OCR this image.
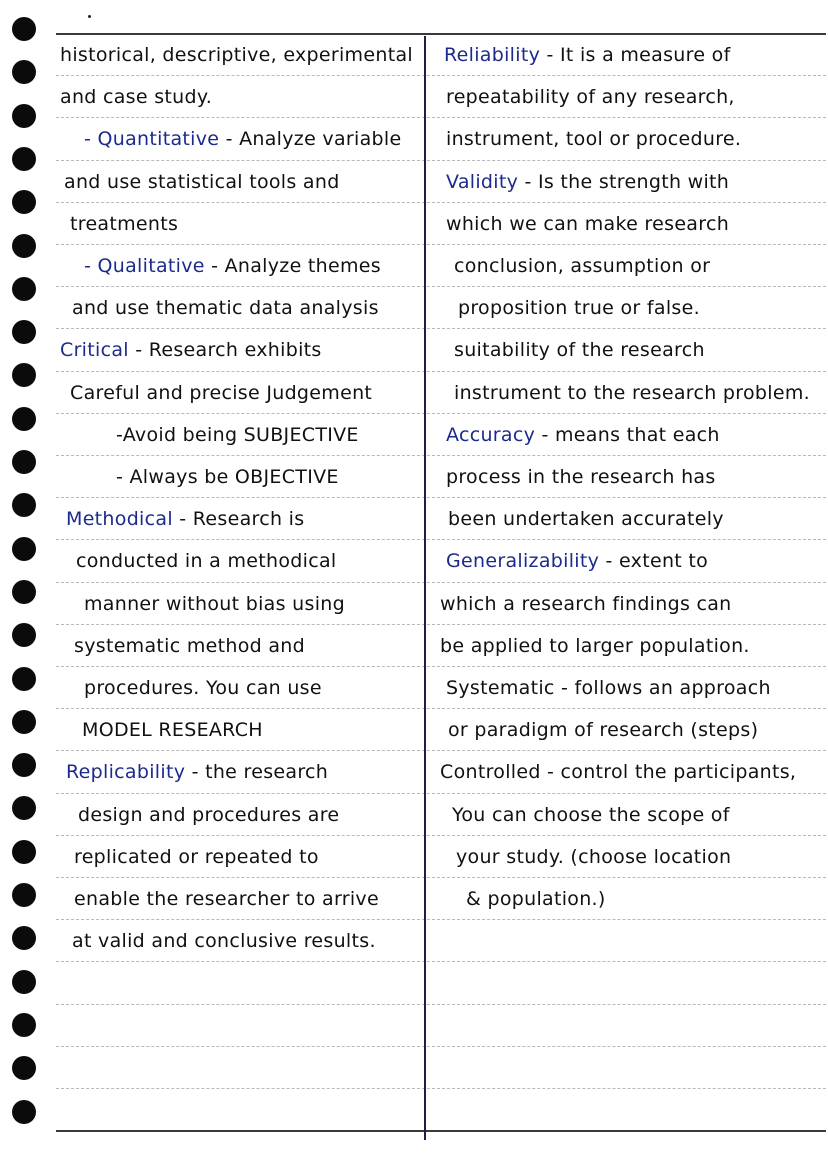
historical, descriptive, experimental
and case study.
- Quantitative - Analyze variable
and use statistical tools and
treatments
- Qualitative - Analyze themes
and use thematic data analysis
Critical - Research exhibits
Careful and precise Judgement
-Avoid being SUBJECTIVE
- Always be OBJECTIVE
Methodical - Research is
conducted in a methodical
manner without bias using
systematic method and
procedures. You can use
MODEL RESEARCH
Replicability - the research
design and procedures are
replicated or repeated to
enable the researcher to arrive
at valid and conclusive results.
Reliability - It is a measure of
repeatability of any research,
instrument, tool or procedure.
Validity - Is the strength with
which we can make research
conclusion, assumption or
proposition true or false.
suitability of the research
instrument to the research problem.
Accuracy - means that each
process in the research has
been undertaken accurately
Generalizability - extent to
which a research findings can
be applied to larger population.
Systematic - follows an approach
or paradigm of research (steps)
Controlled - control the participants,
You can choose the scope of
your study. (choose location
& population.)
